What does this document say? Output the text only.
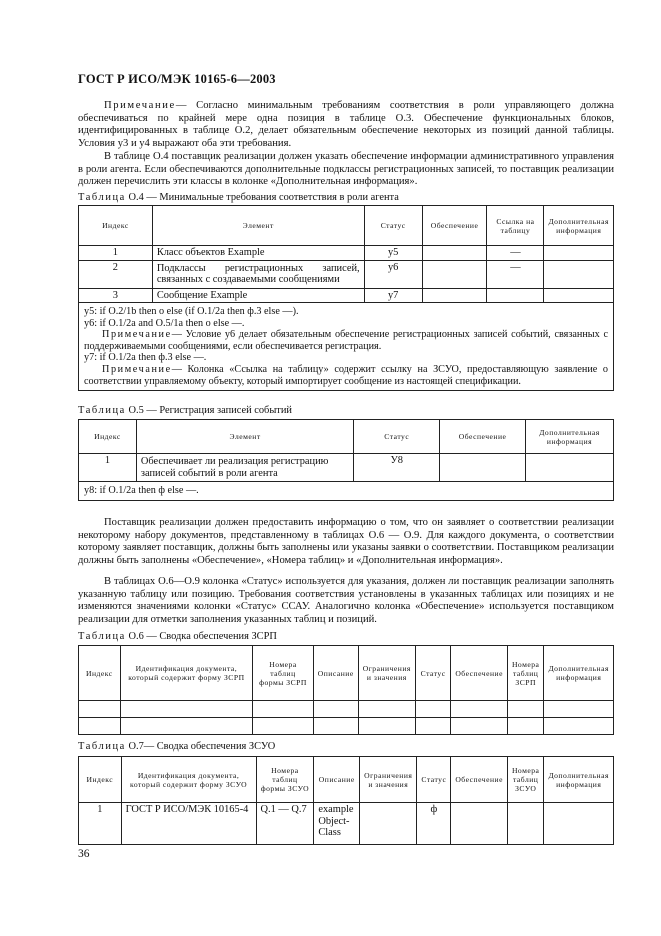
ГОСТ Р ИСО/МЭК 10165-6—2003
Примечание— Согласно минимальным требованиям соответствия в роли управляющего должна обеспечиваться по крайней мере одна позиция в таблице О.3. Обеспечение функциональных блоков, идентифицированных в таблице О.2, делает обязательным обеспечение некоторых из позиций данной таблицы. Условия у3 и у4 выражают оба эти требования.
В таблице О.4 поставщик реализации должен указать обеспечение информации административного управления в роли агента. Если обеспечиваются дополнительные подклассы регистрационных записей, то поставщик реализации должен перечислить эти классы в колонке «Дополнительная информация».
Таблица О.4 — Минимальные требования соответствия в роли агента
Индекс	Элемент	Статус	Обеспечение	Ссылка на таблицу	Дополнительная информация
1	Класс объектов Example	у5		—	
2	Подклассы регистрационных записей, связанных с создаваемыми сообщениями	у6		—	
3	Сообщение Example	у7			

у5: if O.2/1b then o else (if O.1/2a then ф.3 else —).
у6: if O.1/2a and O.5/1a then o else —.
Примечание— Условие у6 делает обязательным обеспечение регистрационных записей событий, связанных с поддерживаемыми сообщениями, если обеспечивается регистрация.
у7: if O.1/2a then ф.3 else —.
Примечание— Колонка «Ссылка на таблицу» содержит ссылку на ЗСУО, предоставляющую заявление о соответствии управляемому объекту, который импортирует сообщение из настоящей спецификации.					
Таблица О.5 — Регистрация записей событий
Индекс	Элемент	Статус	Обеспечение	Дополнительная информация
1	Обеспечивает ли реализация регистрацию записей событий в роли агента	У8		
у8: if O.1/2a then ф else —.				
Поставщик реализации должен предоставить информацию о том, что он заявляет о соответствии реализации некоторому набору документов, представленному в таблицах О.6 — О.9. Для каждого документа, о соответствии которому заявляет поставщик, должны быть заполнены или указаны заявки о соответствии. Поставщиком реализации должны быть заполнены «Обеспечение», «Номера таблиц» и «Дополнительная информация».
В таблицах О.6—О.9 колонка «Статус» используется для указания, должен ли поставщик реализации заполнять указанную таблицу или позицию. Требования соответствия установлены в указанных таблицах или позициях и не изменяются значениями колонки «Статус» ССАУ. Аналогично колонка «Обеспечение» используется поставщиком реализации для отметки заполнения указанных таблиц и позиций.
Таблица О.6 — Сводка обеспечения ЗСРП
Индекс	Идентификация документа, который содержит форму ЗСРП	Номера таблиц формы ЗСРП	Описание	Ограничения и значения	Статус	Обеспечение	Номера таблиц ЗСРП	Дополнительная информация

Таблица О.7— Сводка обеспечения ЗСУО
Индекс	Идентификация документа, который содержит форму ЗСУО	Номера таблиц формы ЗСУО	Описание	Ограничения и значения	Статус	Обеспечение	Номера таблиц ЗСУО	Дополнительная информация
1	ГОСТ Р ИСО/МЭК 10165-4	Q.1 — Q.7	example Object-Class		ф			
36
